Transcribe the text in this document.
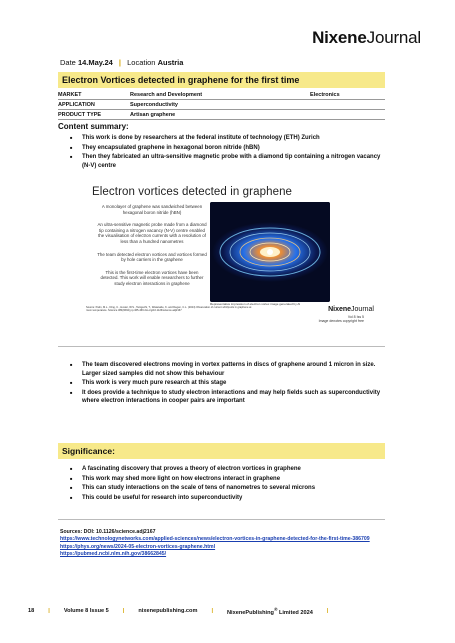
NixeneJournal
Date 14.May.24 | Location Austria
Electron Vortices detected in graphene for the first time
MARKET	Research and Development	Electronics
APPLICATION	Superconductivity
PRODUCT TYPE	Artisan graphene
Content summary:
■ This work is done by researchers at the federal institute of technology (ETH) Zurich
■ They encapsulated graphene in hexagonal boron nitride (hBN)
■ Then they fabricated an ultra-sensitive magnetic probe with a diamond tip containing a nitrogen vacancy (N-V) centre
Electron vortices detected in graphene

A monolayer of graphene was sandwiched between hexagonal boron nitride (hBN)

An ultra-sensitive magnetic probe made from a diamond tip containing a nitrogen vacancy (N-V) centre enabled the visualisation of electron currents with a resolution of less than a hundred nanometres

The team detected electron vortices and vortices formed by hole carriers in the graphene

This is the first-time electron vortices have been detected. This work will enable researchers to further study electron interactions in graphene

Representative impression of electron vortex image generated by AI
Source: Palm, M.L., Ding, C., Huxter, W.S., Taniguchi, T., Watanabe, K. and Degen, C.L. (2024) Observation of current whirlpools in graphene at room temperature. Science 384(6694) pp.465-469 doi.org/10.1126/science.adj2167	NixeneJournal
Vol 8 Iss 5
Image denotes copyright free
■ The team discovered electrons moving in vortex patterns in discs of graphene around 1 micron in size. Larger sized samples did not show this behaviour
■ This work is very much pure research at this stage
■ It does provide a technique to study electron interactions and may help fields such as superconductivity where electron interactions in cooper pairs are important
Significance:
■ A fascinating discovery that proves a theory of electron vortices in graphene
■ This work may shed more light on how electrons interact in graphene
■ This can study interactions on the scale of tens of nanometres to several microns
■ This could be useful for research into superconductivity
Sources: DOI: 10.1126/science.adj2167
https://www.technologynetworks.com/applied-sciences/news/electron-vortices-in-graphene-detected-for-the-first-time-386709
https://phys.org/news/2024-05-electron-vortices-graphene.html
https://pubmed.ncbi.nlm.nih.gov/38662845/
18	|	Volume 8 Issue 5	|	nixenepublishing.com	|	NixenePublishing® Limited 2024	|
